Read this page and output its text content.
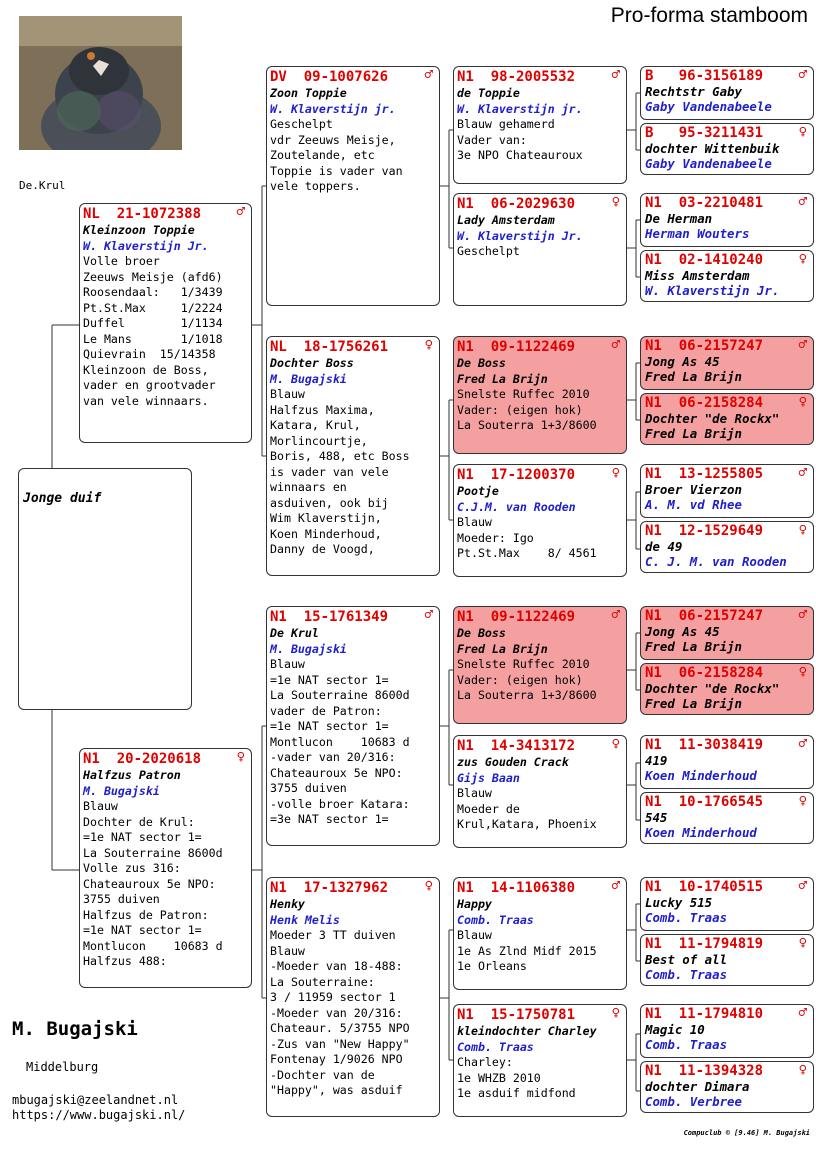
Pro-forma stamboom
De.Krul
Jonge duif
♂
NL  21-1072388
Kleinzoon Toppie
W. Klaverstijn Jr.
Volle broer
Zeeuws Meisje (afd6)
Roosendaal:   1/3439
Pt.St.Max     1/2224
Duffel        1/1134
Le Mans       1/1018
Quievrain  15/14358
Kleinzoon de Boss,
vader en grootvader
van vele winnaars.
♀
N1  20-2020618
Halfzus Patron
M. Bugajski
Blauw
Dochter de Krul:
=1e NAT sector 1=
La Souterraine 8600d
Volle zus 316:
Chateauroux 5e NPO:
3755 duiven
Halfzus de Patron:
=1e NAT sector 1=
Montlucon    10683 d
Halfzus 488:
♂
DV  09-1007626
Zoon Toppie
W. Klaverstijn jr.
Geschelpt
vdr Zeeuws Meisje,
Zoutelande, etc
Toppie is vader van
vele toppers.
♀
NL  18-1756261
Dochter Boss
M. Bugajski
Blauw
Halfzus Maxima,
Katara, Krul,
Morlincourtje,
Boris, 488, etc Boss
is vader van vele
winnaars en
asduiven, ook bij
Wim Klaverstijn,
Koen Minderhoud,
Danny de Voogd,
♂
N1  15-1761349
De Krul
M. Bugajski
Blauw
=1e NAT sector 1=
La Souterraine 8600d
vader de Patron:
=1e NAT sector 1=
Montlucon    10683 d
-vader van 20/316:
Chateauroux 5e NPO:
3755 duiven
-volle broer Katara:
=3e NAT sector 1=
♀
N1  17-1327962
Henky
Henk Melis
Moeder 3 TT duiven
Blauw
-Moeder van 18-488:
La Souterraine:
3 / 11959 sector 1
-Moeder van 20/316:
Chateaur. 5/3755 NPO
-Zus van "New Happy"
Fontenay 1/9026 NPO
-Dochter van de
"Happy", was asduif
♂
N1  98-2005532
de Toppie
W. Klaverstijn jr.
Blauw gehamerd
Vader van:
3e NPO Chateauroux
♀
N1  06-2029630
Lady Amsterdam
W. Klaverstijn Jr.
Geschelpt
♂
N1  09-1122469
De Boss
Fred La Brijn
Snelste Ruffec 2010
Vader: (eigen hok)
La Souterra 1+3/8600
♀
N1  17-1200370
Pootje
C.J.M. van Rooden
Blauw
Moeder: Igo
Pt.St.Max    8/ 4561
♂
N1  09-1122469
De Boss
Fred La Brijn
Snelste Ruffec 2010
Vader: (eigen hok)
La Souterra 1+3/8600
♀
N1  14-3413172
zus Gouden Crack
Gijs Baan
Blauw
Moeder de
Krul,Katara, Phoenix
♂
N1  14-1106380
Happy
Comb. Traas
Blauw
1e As Zlnd Midf 2015
1e Orleans
♀
N1  15-1750781
kleindochter Charley
Comb. Traas
Charley:
1e WHZB 2010
1e asduif midfond
♂
B   96-3156189
Rechtstr Gaby
Gaby Vandenabeele
♀
B   95-3211431
dochter Wittenbuik
Gaby Vandenabeele
♂
N1  03-2210481
De Herman
Herman Wouters
♀
N1  02-1410240
Miss Amsterdam
W. Klaverstijn Jr.
♂
N1  06-2157247
Jong As 45
Fred La Brijn
♀
N1  06-2158284
Dochter "de Rockx"
Fred La Brijn
♂
N1  13-1255805
Broer Vierzon
A. M. vd Rhee
♀
N1  12-1529649
de 49
C. J. M. van Rooden
♂
N1  06-2157247
Jong As 45
Fred La Brijn
♀
N1  06-2158284
Dochter "de Rockx"
Fred La Brijn
♂
N1  11-3038419
419
Koen Minderhoud
♀
N1  10-1766545
545
Koen Minderhoud
♂
N1  10-1740515
Lucky 515
Comb. Traas
♀
N1  11-1794819
Best of all
Comb. Traas
♂
N1  11-1794810
Magic 10
Comb. Traas
♀
N1  11-1394328
dochter Dimara
Comb. Verbree
M. Bugajski
Middelburg
mbugajski@zeelandnet.nl
https://www.bugajski.nl/
Compuclub © [9.46] M. Bugajski
